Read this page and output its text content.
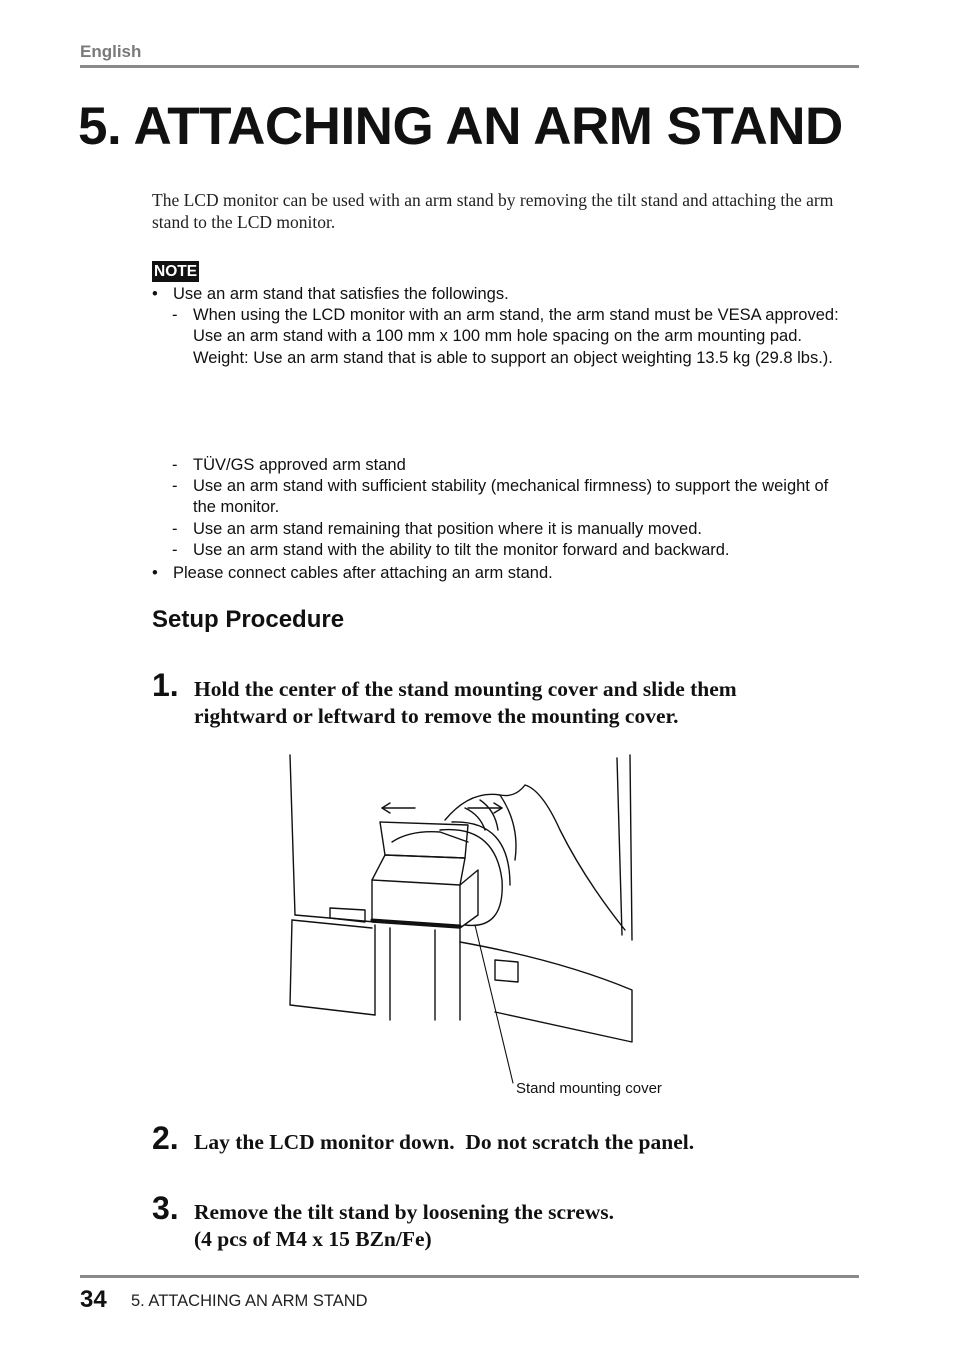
English
5. ATTACHING AN ARM STAND
The LCD monitor can be used with an arm stand by removing the tilt stand and attaching the arm stand to the LCD monitor.
NOTE
• Use an arm stand that satisfies the followings.
- When using the LCD monitor with an arm stand, the arm stand must be VESA approved:
Use an arm stand with a 100 mm x 100 mm hole spacing on the arm mounting pad.
Weight: Use an arm stand that is able to support an object weighting 13.5 kg (29.8 lbs.).
- TÜV/GS approved arm stand
- Use an arm stand with sufficient stability (mechanical firmness) to support the weight of the monitor.
- Use an arm stand remaining that position where it is manually moved.
- Use an arm stand with the ability to tilt the monitor forward and backward.
• Please connect cables after attaching an arm stand.
Setup Procedure
1. Hold the center of the stand mounting cover and slide them
rightward or leftward to remove the mounting cover.
Stand mounting cover
2. Lay the LCD monitor down.  Do not scratch the panel.
3. Remove the tilt stand by loosening the screws.
(4 pcs of M4 x 15 BZn/Fe)
34 5. ATTACHING AN ARM STAND
